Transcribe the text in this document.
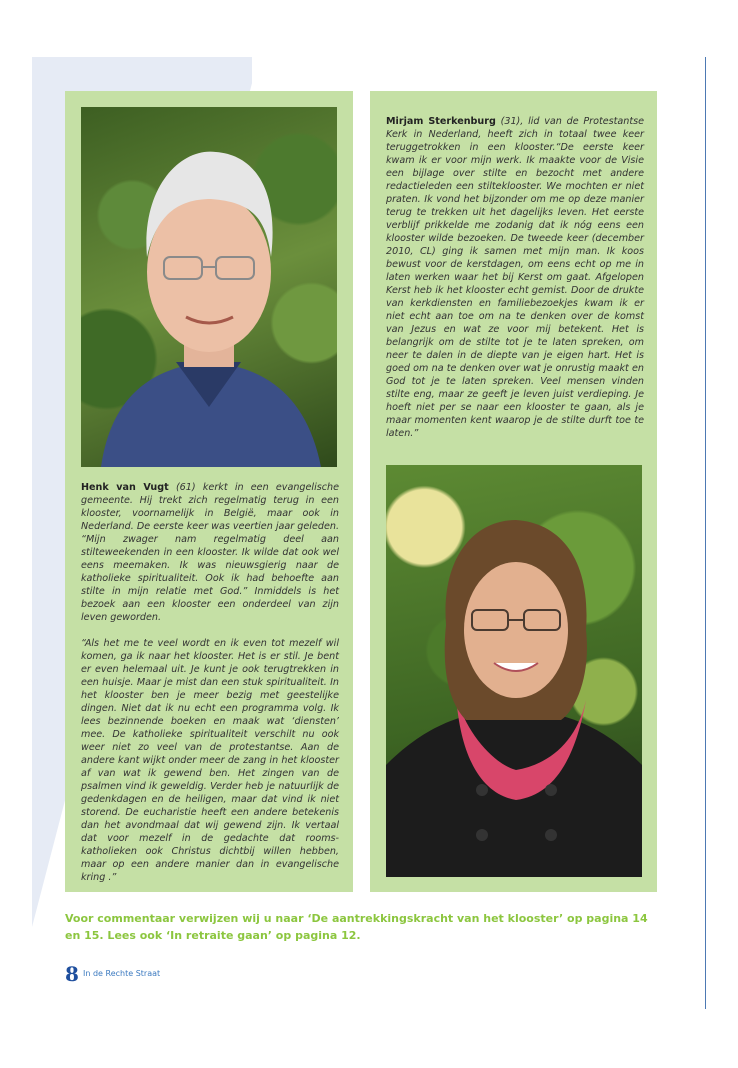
Henk van Vugt (61) kerkt in een evangelische gemeente. Hij trekt zich regelmatig terug in een klooster, voornamelijk in België, maar ook in Nederland. De eerste keer was veertien jaar geleden. “Mijn zwager nam regelmatig deel aan stilteweekenden in een klooster. Ik wilde dat ook wel eens meemaken. Ik was nieuwsgierig naar de katholieke spiritualiteit. Ook ik had behoefte aan stilte in mijn relatie met God.” Inmiddels is het bezoek aan een klooster een onderdeel van zijn leven geworden.

“Als het me te veel wordt en ik even tot mezelf wil komen, ga ik naar het klooster. Het is er stil. Je bent er even helemaal uit. Je kunt je ook terugtrekken in een huisje. Maar je mist dan een stuk spiritualiteit. In het klooster ben je meer bezig met geestelijke dingen. Niet dat ik nu echt een programma volg. Ik lees bezinnende boeken en maak wat ‘diensten’ mee. De katholieke spiritualiteit verschilt nu ook weer niet zo veel van de protestantse. Aan de andere kant wijkt onder meer de zang in het klooster af van wat ik gewend ben. Het zingen van de psalmen vind ik geweldig. Verder heb je natuurlijk de gedenkdagen en de heiligen, maar dat vind ik niet storend. De eucharistie heeft een andere betekenis dan het avondmaal dat wij gewend zijn. Ik vertaal dat voor mezelf in de gedachte dat rooms-katholieken ook Christus dichtbij willen hebben, maar op een andere manier dan in evangelische kring .”

Mirjam Sterkenburg (31), lid van de Protestantse Kerk in Nederland, heeft zich in totaal twee keer teruggetrokken in een klooster.“De eerste keer kwam ik er voor mijn werk. Ik maakte voor de Visie een bijlage over stilte en bezocht met andere redactieleden een stilteklooster. We mochten er niet praten. Ik vond het bijzonder om me op deze manier terug te trekken uit het dagelijks leven. Het eerste verblijf prikkelde me zodanig dat ik nóg eens een klooster wilde bezoeken. De tweede keer (december 2010, CL) ging ik samen met mijn man. Ik koos bewust voor de kerstdagen, om eens echt op me in laten werken waar het bij Kerst om gaat. Afgelopen Kerst heb ik het klooster echt gemist. Door de drukte van kerkdiensten en familiebezoekjes kwam ik er niet echt aan toe om na te denken over de komst van Jezus en wat ze voor mij betekent. Het is belangrijk om de stilte tot je te laten spreken, om neer te dalen in de diepte van je eigen hart. Het is goed om na te denken over wat je onrustig maakt en God tot je te laten spreken. Veel mensen vinden stilte eng, maar ze geeft je leven juist verdieping. Je hoeft niet per se naar een klooster te gaan, als je maar momenten kent waarop je de stilte durft toe te laten.”

Voor commentaar verwijzen wij u naar ‘De aantrekkingskracht van het klooster’ op pagina 14 en 15. Lees ook ‘In retraite gaan’ op pagina 12.
8 In de Rechte Straat
